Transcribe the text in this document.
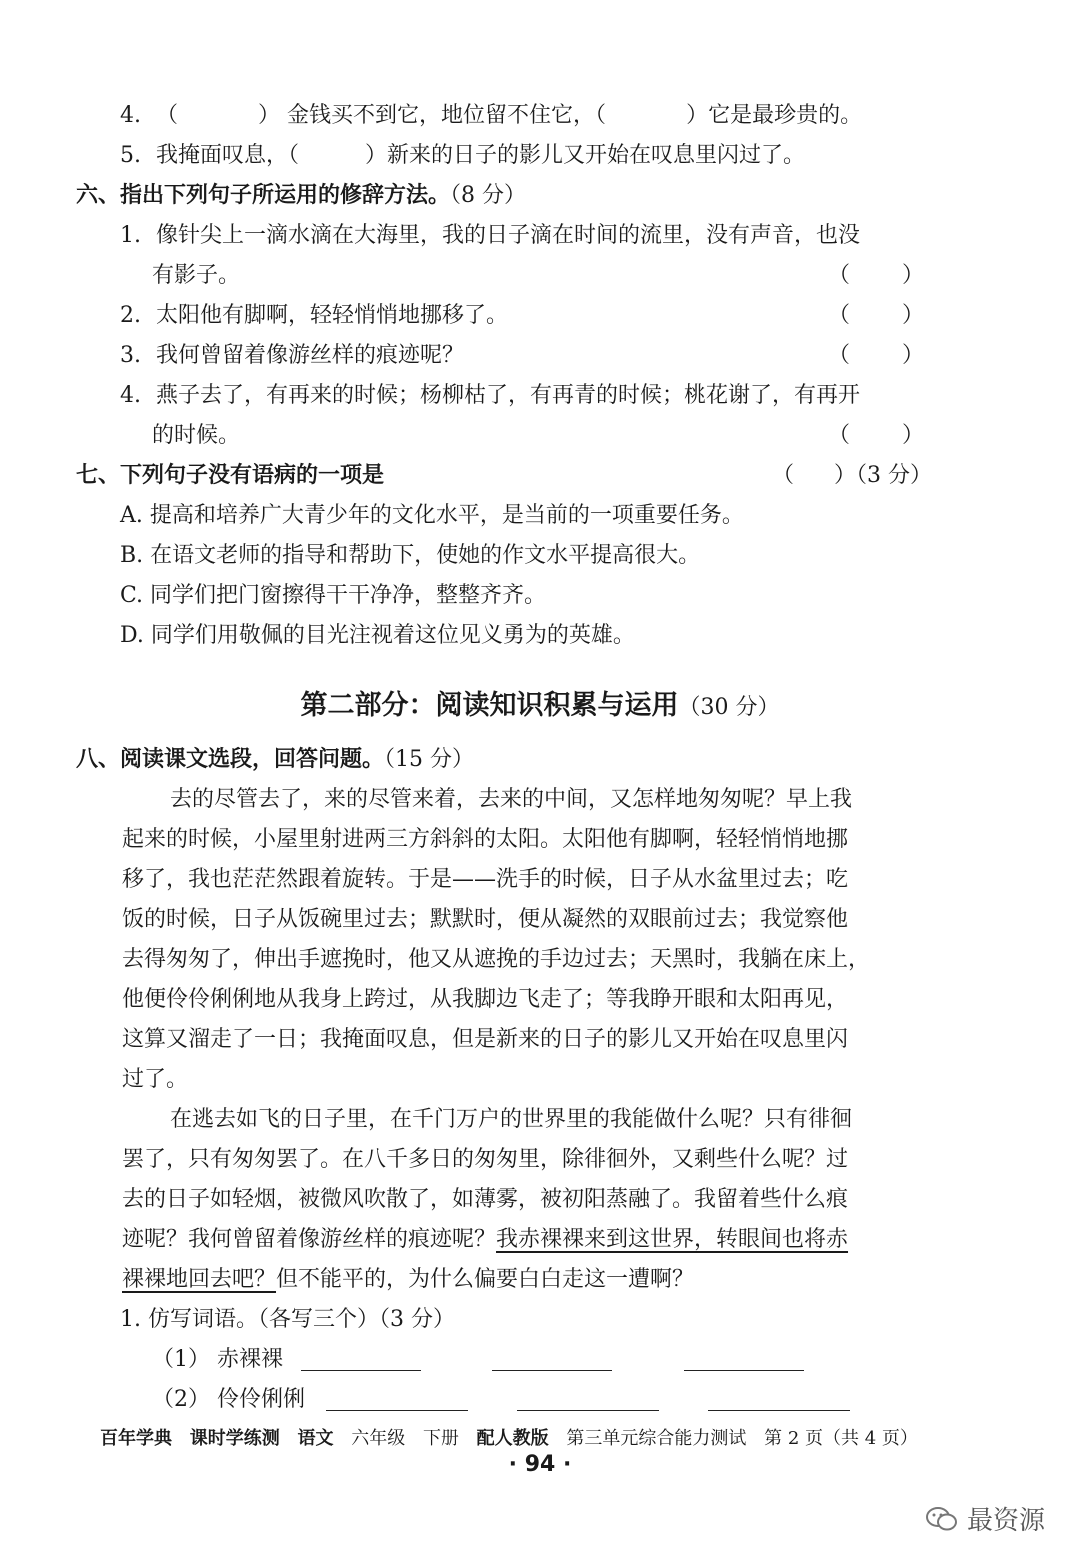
4. （	） 金钱买不到它，地位留不住它，（	）它是最珍贵的。
5. 我掩面叹息，（	）新来的日子的影儿又开始在叹息里闪过了。
六、指出下列句子所运用的修辞方法。（8 分）
1. 像针尖上一滴水滴在大海里，我的日子滴在时间的流里，没有声音，也没
有影子。	（ ）
2. 太阳他有脚啊，轻轻悄悄地挪移了。	（ ）
3. 我何曾留着像游丝样的痕迹呢？	（ ）
4. 燕子去了，有再来的时候；杨柳枯了，有再青的时候；桃花谢了，有再开
的时候。	（ ）
七、下列句子没有语病的一项是	（ ）（3 分）
A. 提高和培养广大青少年的文化水平，是当前的一项重要任务。
B. 在语文老师的指导和帮助下，使她的作文水平提高很大。
C. 同学们把门窗擦得干干净净，整整齐齐。
D. 同学们用敬佩的目光注视着这位见义勇为的英雄。
第二部分：阅读知识积累与运用（30 分）
八、阅读课文选段，回答问题。（15 分）
去的尽管去了，来的尽管来着，去来的中间，又怎样地匆匆呢？早上我
起来的时候，小屋里射进两三方斜斜的太阳。太阳他有脚啊，轻轻悄悄地挪
移了，我也茫茫然跟着旋转。于是——洗手的时候，日子从水盆里过去；吃
饭的时候，日子从饭碗里过去；默默时，便从凝然的双眼前过去；我觉察他
去得匆匆了，伸出手遮挽时，他又从遮挽的手边过去；天黑时，我躺在床上，
他便伶伶俐俐地从我身上跨过，从我脚边飞走了；等我睁开眼和太阳再见，
这算又溜走了一日；我掩面叹息，但是新来的日子的影儿又开始在叹息里闪
过了。
在逃去如飞的日子里，在千门万户的世界里的我能做什么呢？只有徘徊
罢了，只有匆匆罢了。在八千多日的匆匆里，除徘徊外，又剩些什么呢？过
去的日子如轻烟，被微风吹散了，如薄雾，被初阳蒸融了。我留着些什么痕
迹呢？我何曾留着像游丝样的痕迹呢？我赤裸裸来到这世界，转眼间也将赤
裸裸地回去吧？但不能平的，为什么偏要白白走这一遭啊？
1. 仿写词语。（各写三个）（3 分）
（1） 赤裸裸
（2） 伶伶俐俐
百年学典 课时学练测 语文 六年级 下册 配人教版 第三单元综合能力测试 第 2 页（共 4 页）
· 94 ·
最资源
